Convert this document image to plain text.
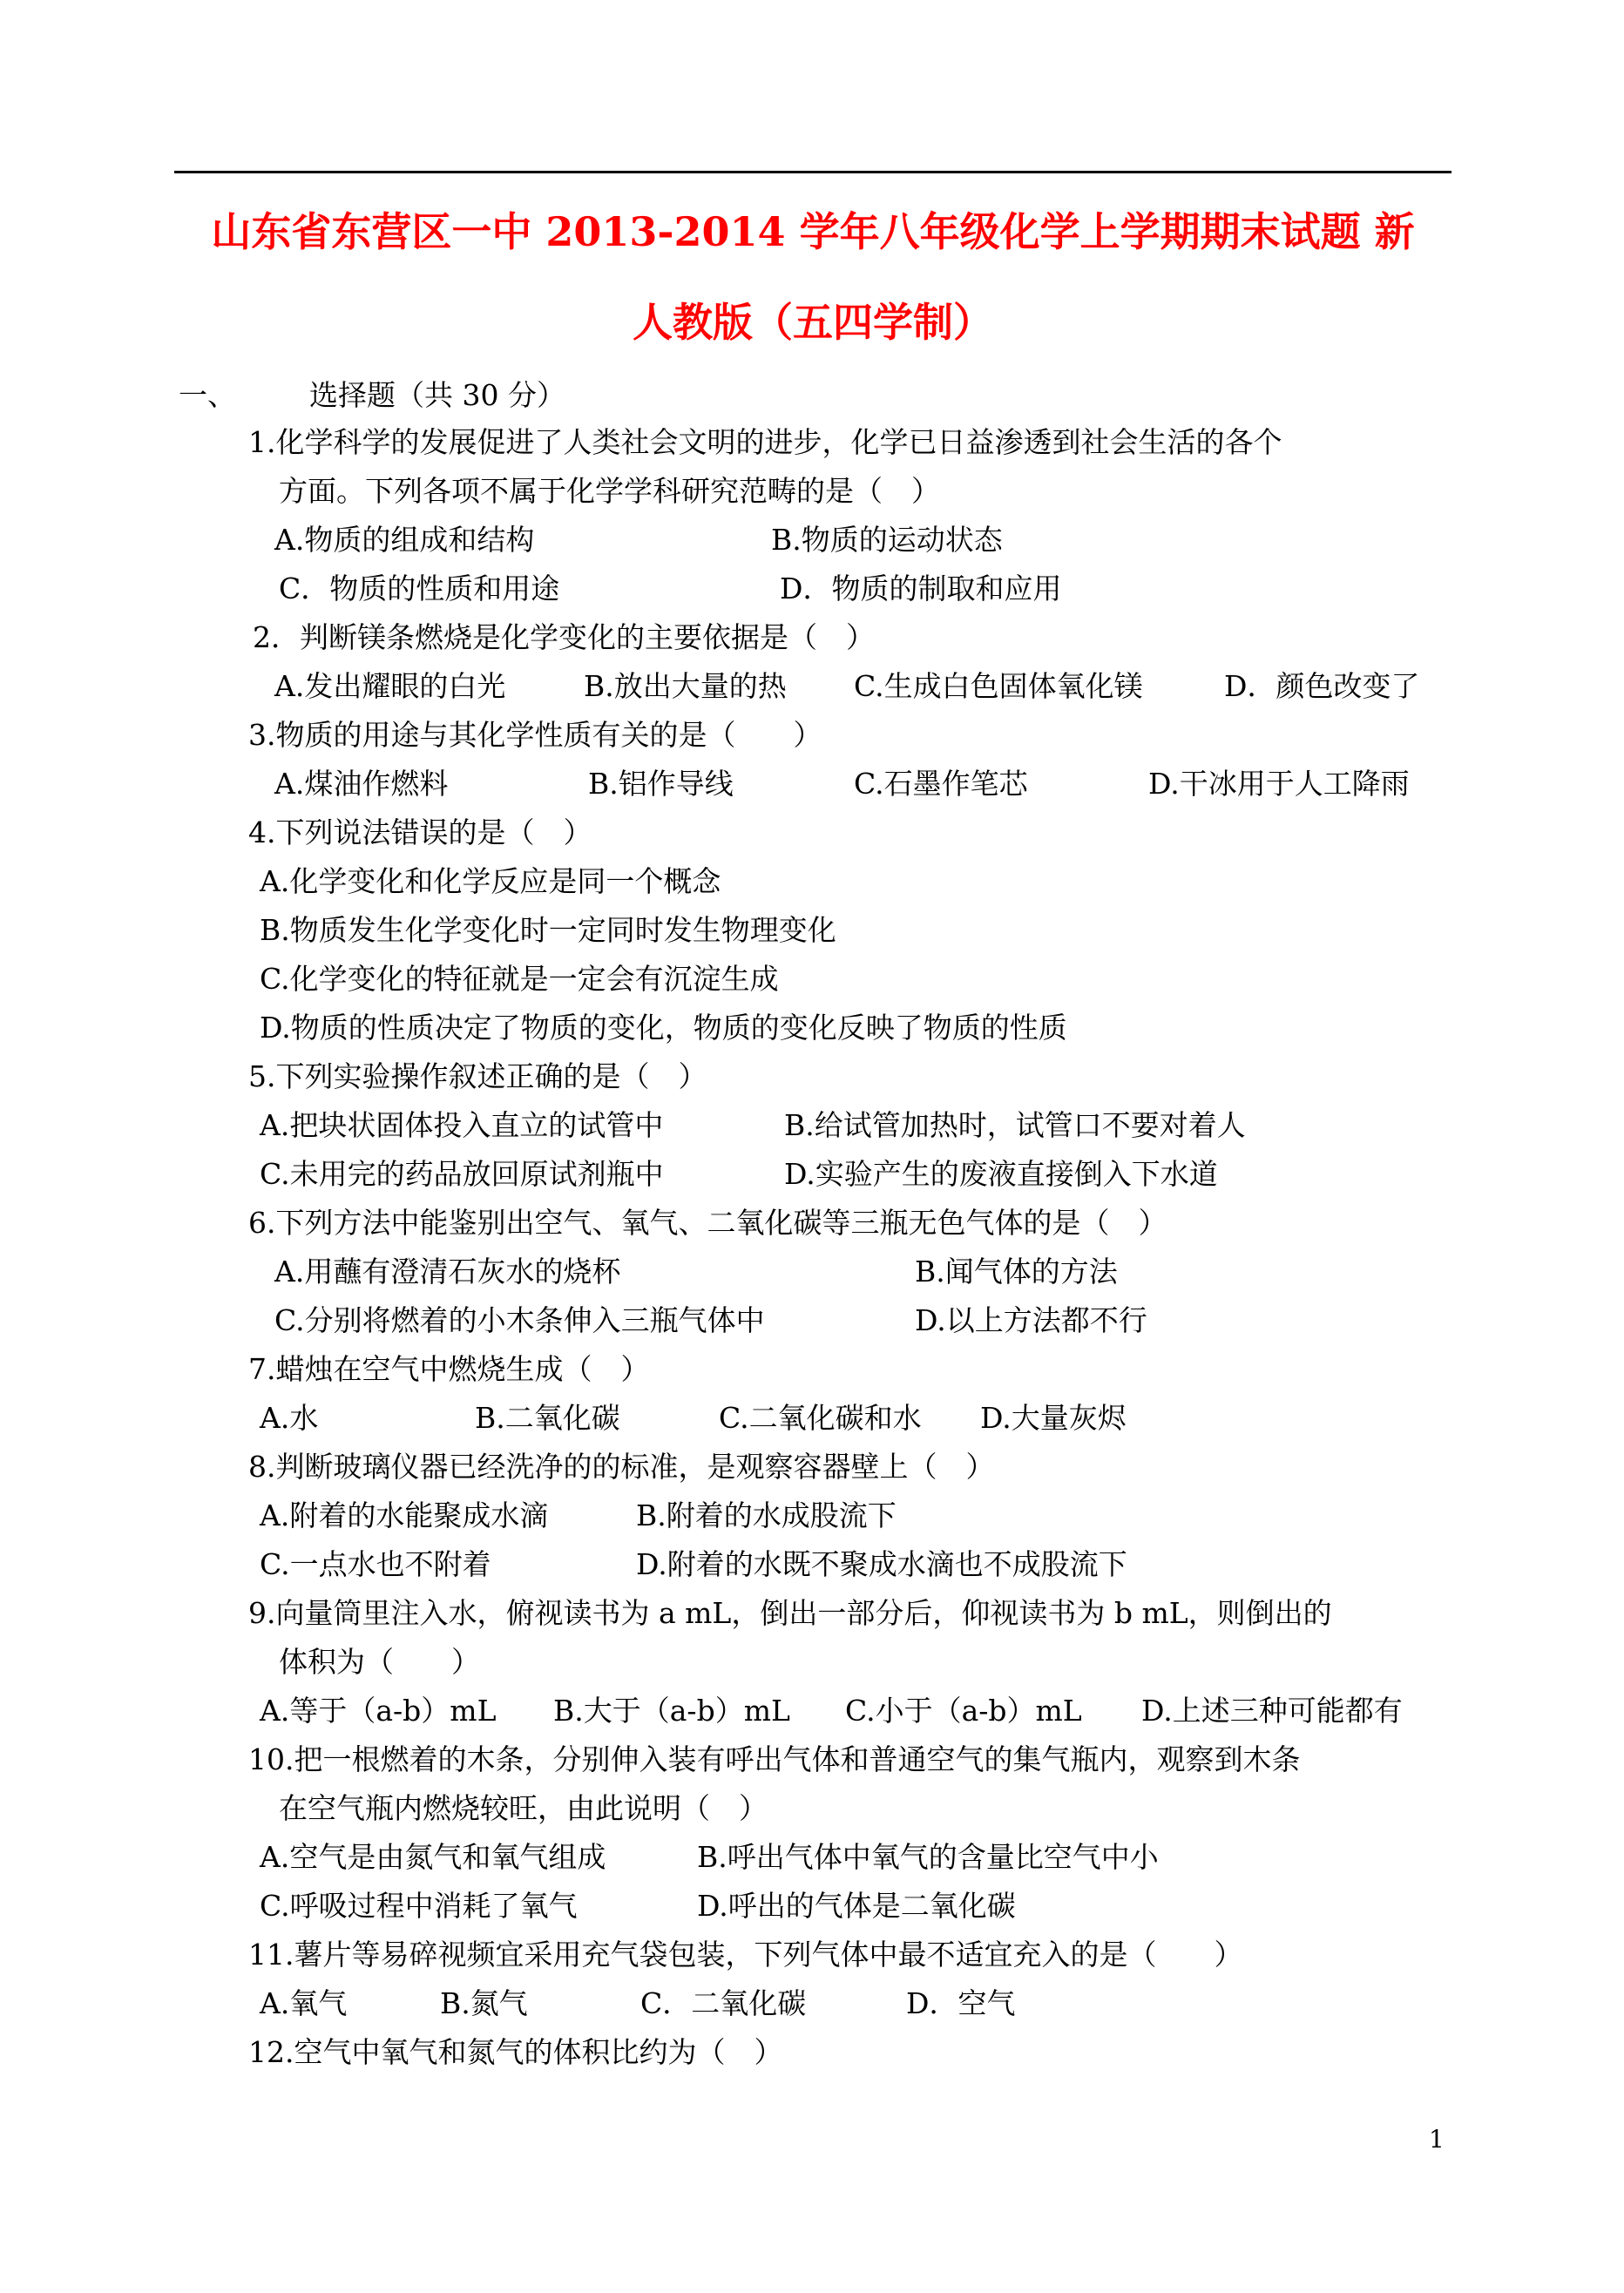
山东省东营区一中 2013-2014 学年八年级化学上学期期末试题 新
人教版（五四学制）
一、	选择题（共 30 分）
1.化学科学的发展促进了人类社会文明的进步，化学已日益渗透到社会生活的各个
方面。下列各项不属于化学学科研究范畴的是（　）
A.物质的组成和结构	B.物质的运动状态
C．物质的性质和用途	D．物质的制取和应用
2．判断镁条燃烧是化学变化的主要依据是（　）
A.发出耀眼的白光	B.放出大量的热 C.生成白色固体氧化镁	D．颜色改变了
3.物质的用途与其化学性质有关的是（　　）
A.煤油作燃料	B.铝作导线	C.石墨作笔芯	D.干冰用于人工降雨
4.下列说法错误的是（　）
A.化学变化和化学反应是同一个概念
B.物质发生化学变化时一定同时发生物理变化
C.化学变化的特征就是一定会有沉淀生成
D.物质的性质决定了物质的变化，物质的变化反映了物质的性质
5.下列实验操作叙述正确的是（　）
A.把块状固体投入直立的试管中	B.给试管加热时，试管口不要对着人
C.未用完的药品放回原试剂瓶中	D.实验产生的废液直接倒入下水道
6.下列方法中能鉴别出空气、氧气、二氧化碳等三瓶无色气体的是（　）
A.用蘸有澄清石灰水的烧杯	B.闻气体的方法
C.分别将燃着的小木条伸入三瓶气体中	D.以上方法都不行
7.蜡烛在空气中燃烧生成（　）
A.水	B.二氧化碳	C.二氧化碳和水 D.大量灰烬
8.判断玻璃仪器已经洗净的的标准，是观察容器壁上（　）
A.附着的水能聚成水滴	B.附着的水成股流下
C.一点水也不附着	D.附着的水既不聚成水滴也不成股流下
9.向量筒里注入水，俯视读书为 a mL，倒出一部分后，仰视读书为 b mL，则倒出的
体积为（　　）
A.等于（a-b）mL B.大于（a-b）mL C.小于（a-b）mL D.上述三种可能都有
10.把一根燃着的木条，分别伸入装有呼出气体和普通空气的集气瓶内，观察到木条
在空气瓶内燃烧较旺，由此说明（　）
A.空气是由氮气和氧气组成	B.呼出气体中氧气的含量比空气中小
C.呼吸过程中消耗了氧气	D.呼出的气体是二氧化碳
11.薯片等易碎视频宜采用充气袋包装，下列气体中最不适宜充入的是（　　）
A.氧气	B.氮气	C．二氧化碳	D．空气
12.空气中氧气和氮气的体积比约为（　）
1
